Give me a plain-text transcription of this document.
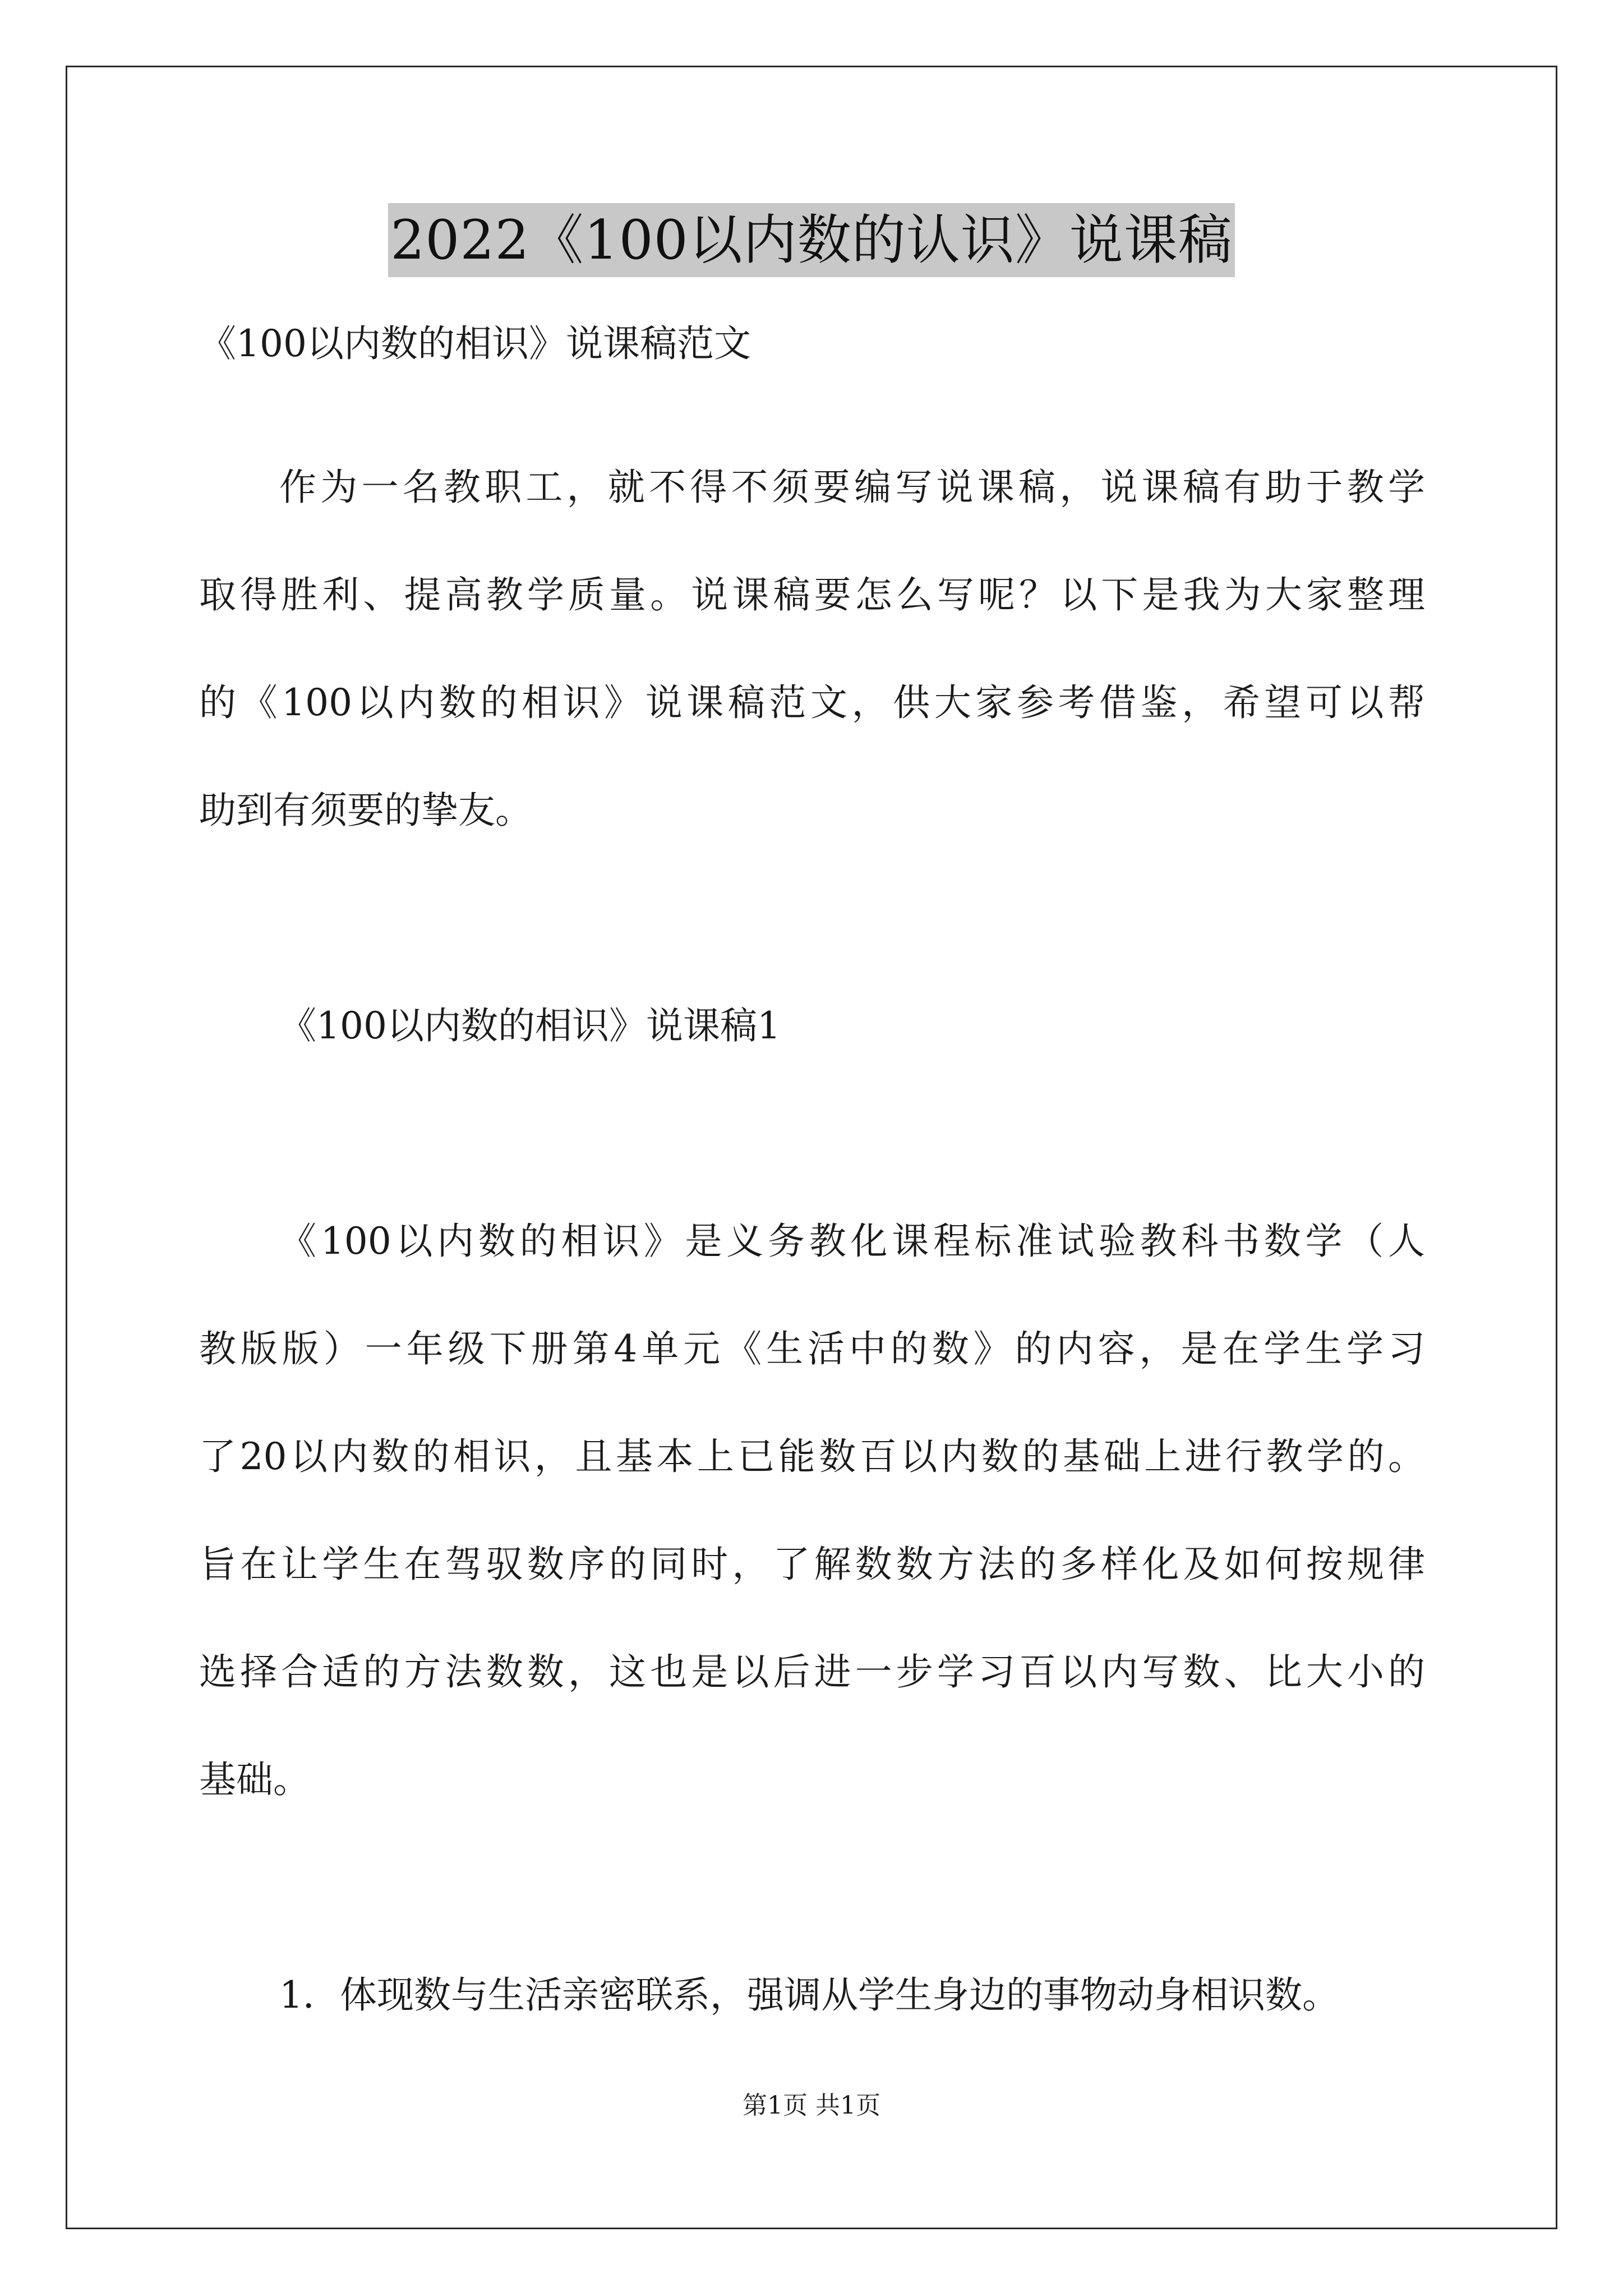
2022《100以内数的认识》说课稿
《100以内数的相识》说课稿范文
作为一名教职工，就不得不须要编写说课稿，说课稿有助于教学
取得胜利、提高教学质量。说课稿要怎么写呢？以下是我为大家整理
的《100以内数的相识》说课稿范文，供大家参考借鉴，希望可以帮
助到有须要的挚友。
《100以内数的相识》说课稿1
《100以内数的相识》是义务教化课程标准试验教科书数学（人
教版版）一年级下册第4单元《生活中的数》的内容，是在学生学习
了20以内数的相识，且基本上已能数百以内数的基础上进行教学的。
旨在让学生在驾驭数序的同时，了解数数方法的多样化及如何按规律
选择合适的方法数数，这也是以后进一步学习百以内写数、比大小的
基础。
1．体现数与生活亲密联系，强调从学生身边的事物动身相识数。
第1页 共1页
